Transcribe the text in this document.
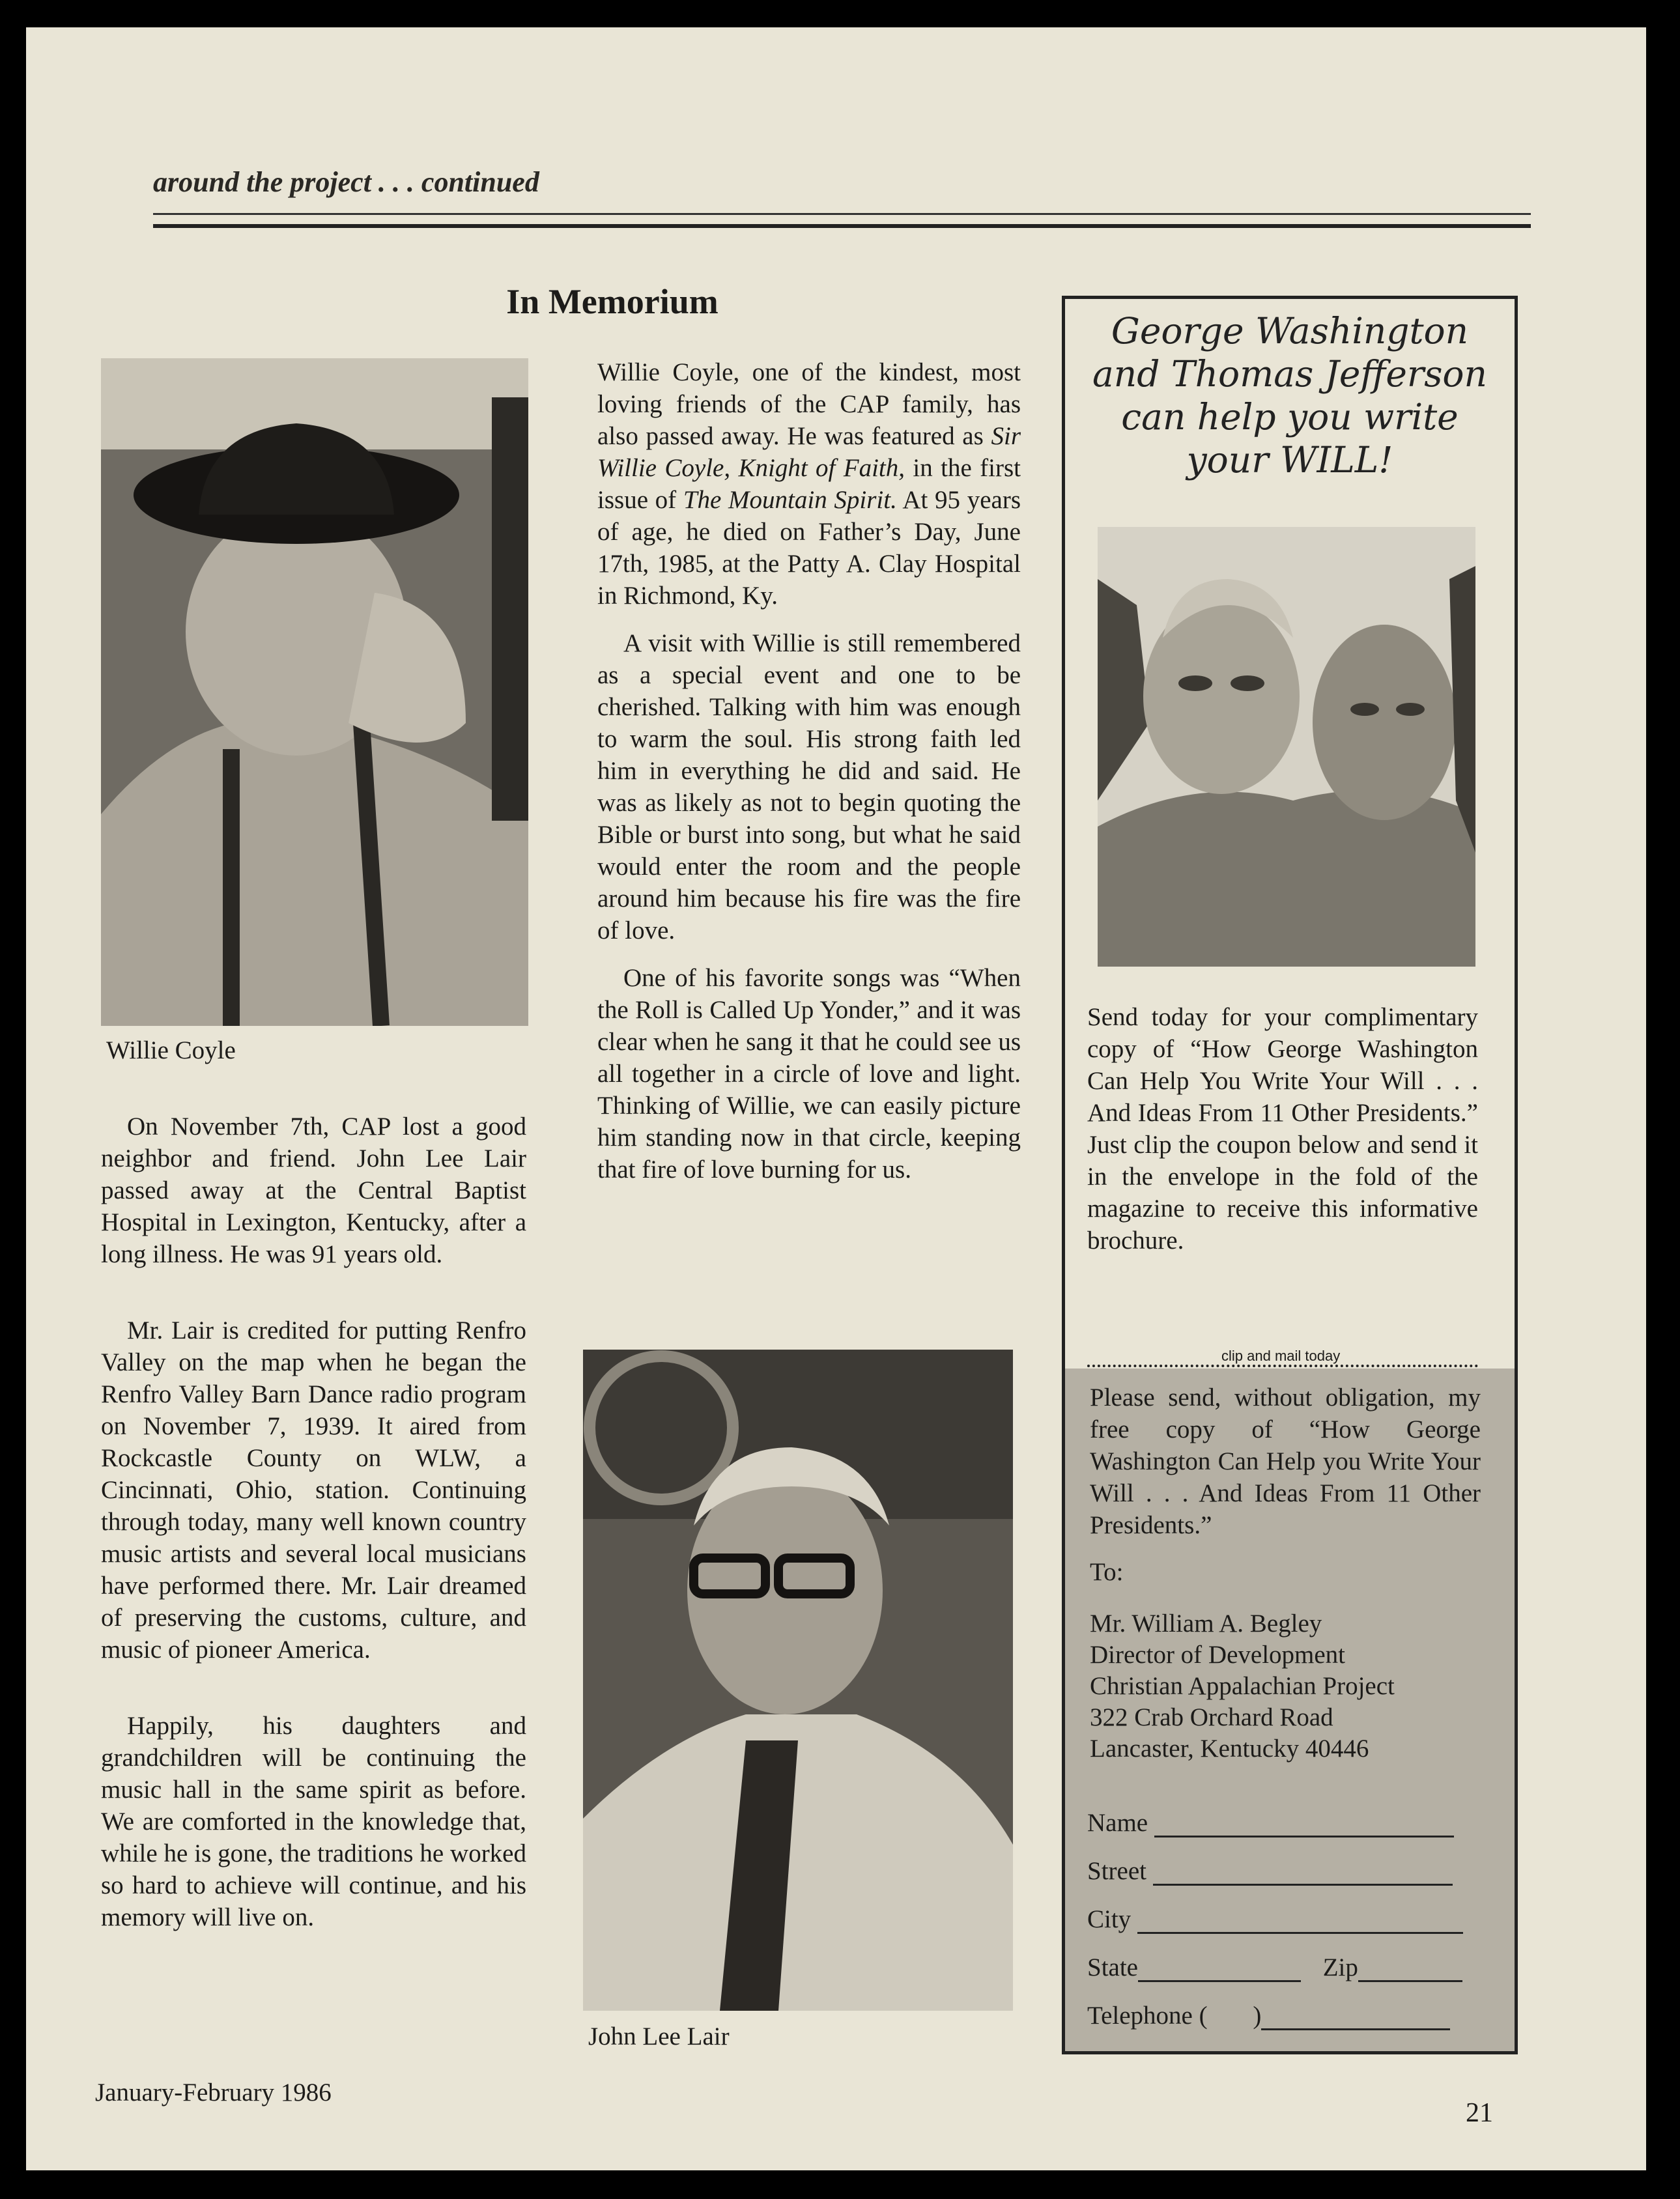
around the project . . . continued
In Memorium
Willie Coyle

On November 7th, CAP lost a good neighbor and friend. John Lee Lair passed away at the Central Baptist Hospital in Lexington, Kentucky, after a long illness. He was 91 years old.

Mr. Lair is credited for putting Renfro Valley on the map when he began the Renfro Valley Barn Dance radio program on November 7, 1939. It aired from Rockcastle County on WLW, a Cincinnati, Ohio, station. Continuing through today, many well known country music artists and several local musicians have performed there. Mr. Lair dreamed of preserving the customs, culture, and music of pioneer America.

Happily, his daughters and grandchildren will be continuing the music hall in the same spirit as before. We are comforted in the knowledge that, while he is gone, the traditions he worked so hard to achieve will continue, and his memory will live on.

Willie Coyle, one of the kindest, most loving friends of the CAP family, has also passed away. He was featured as Sir Willie Coyle, Knight of Faith, in the first issue of The Mountain Spirit. At 95 years of age, he died on Father’s Day, June 17th, 1985, at the Patty A. Clay Hospital in Richmond, Ky.

A visit with Willie is still remembered as a special event and one to be cherished. Talking with him was enough to warm the soul. His strong faith led him in everything he did and said. He was as likely as not to begin quoting the Bible or burst into song, but what he said would enter the room and the people around him because his fire was the fire of love.

One of his favorite songs was “When the Roll is Called Up Yonder,” and it was clear when he sang it that he could see us all together in a circle of love and light. Thinking of Willie, we can easily picture him standing now in that circle, keeping that fire of love burning for us.

John Lee Lair
George Washington
and Thomas Jefferson
can help you write
your WILL!
Send today for your complimentary copy of “How George Washington Can Help You Write Your Will . . . And Ideas From 11 Other Presidents.” Just clip the coupon below and send it in the envelope in the fold of the magazine to receive this informative brochure.
clip and mail today
Please send, without obligation, my free copy of “How George Washington Can Help you Write Your Will . . . And Ideas From 11 Other Presidents.”
To:
Mr. William A. Begley
Director of Development
Christian Appalachian Project
322 Crab Orchard Road
Lancaster, Kentucky 40446
Name
Street
City
State	Zip
Telephone ( )
January-February 1986
21
